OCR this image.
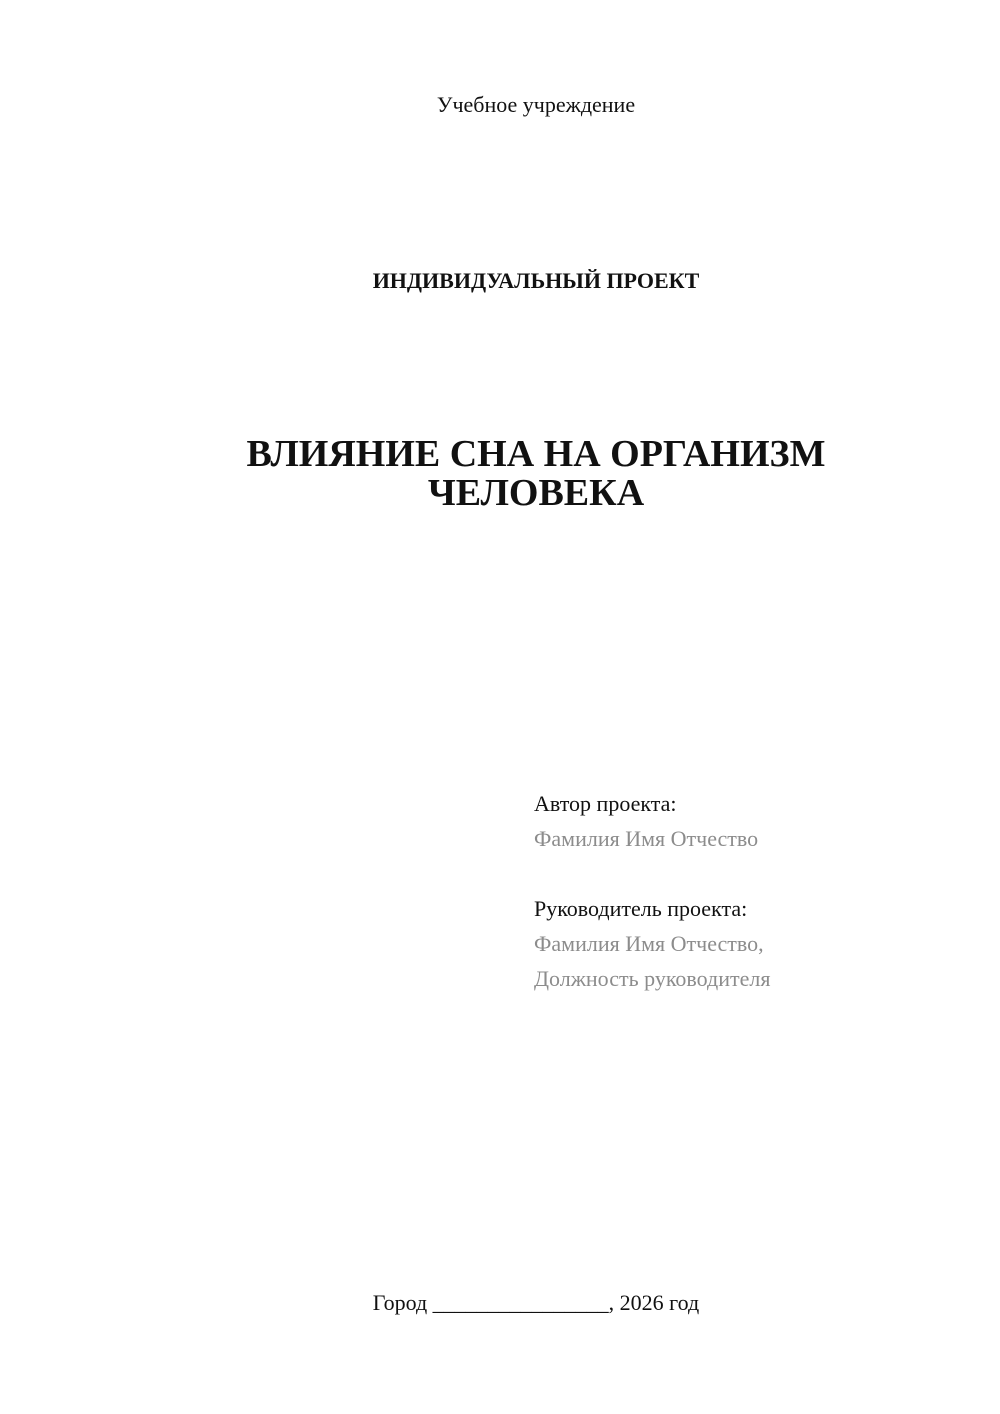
Учебное учреждение
ИНДИВИДУАЛЬНЫЙ ПРОЕКТ
ВЛИЯНИЕ СНА НА ОРГАНИЗМ
ЧЕЛОВЕКА
Автор проекта:
Фамилия Имя Отчество
Руководитель проекта:
Фамилия Имя Отчество,
Должность руководителя
Город ________________, 2026 год
